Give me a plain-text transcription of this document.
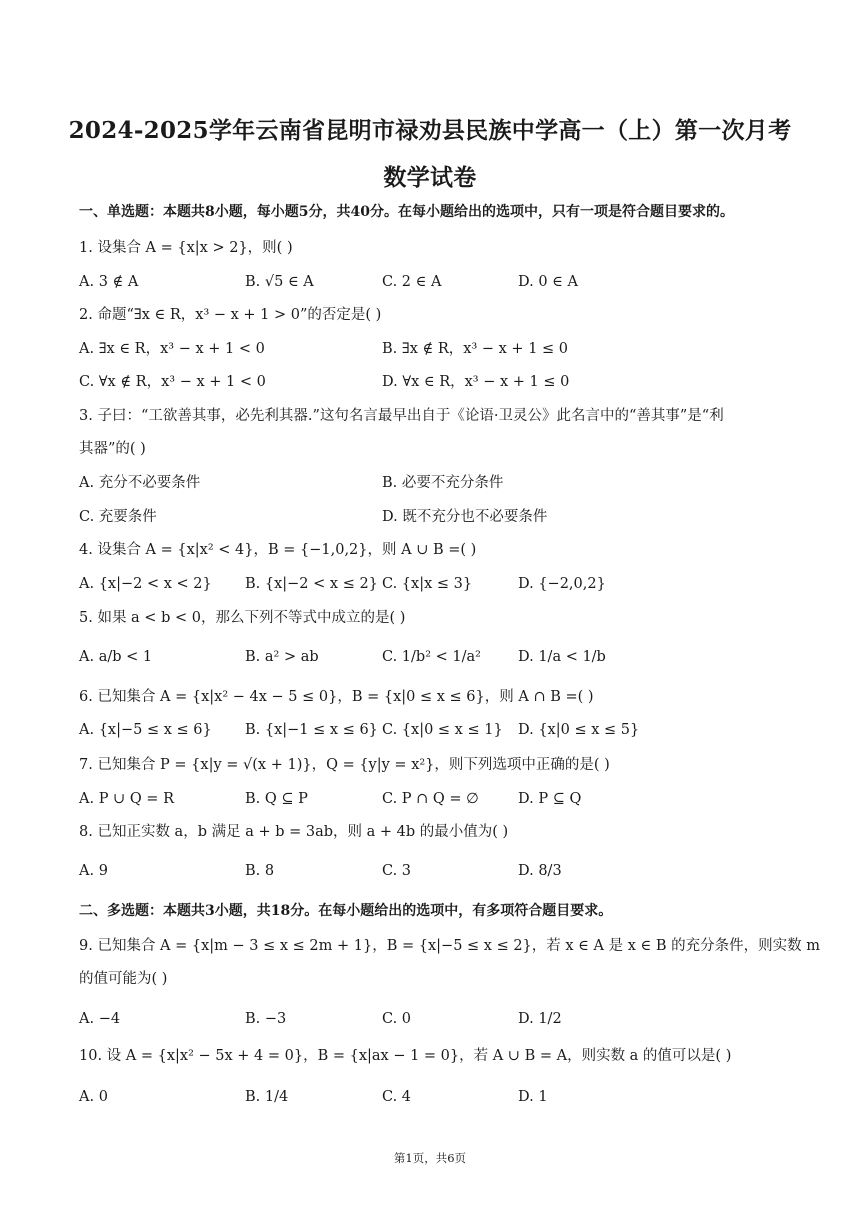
2024-2025学年云南省昆明市禄劝县民族中学高一（上）第一次月考
数学试卷
一、单选题：本题共8小题，每小题5分，共40分。在每小题给出的选项中，只有一项是符合题目要求的。
1. 设集合 A = {x|x > 2}，则( )
A. 3 ∉ A	B. √5 ∈ A	C. 2 ∈ A	D. 0 ∈ A
2. 命题“∃x ∈ R，x³ − x + 1 > 0”的否定是( )
A. ∃x ∈ R，x³ − x + 1 < 0	B. ∃x ∉ R，x³ − x + 1 ≤ 0
C. ∀x ∉ R，x³ − x + 1 < 0	D. ∀x ∈ R，x³ − x + 1 ≤ 0
3. 子曰：“工欲善其事，必先利其器.”这句名言最早出自于《论语·卫灵公》此名言中的“善其事”是“利
其器”的( )
A. 充分不必要条件	B. 必要不充分条件
C. 充要条件	D. 既不充分也不必要条件
4. 设集合 A = {x|x² < 4}，B = {−1,0,2}，则 A ∪ B =( )
A. {x|−2 < x < 2} B. {x|−2 < x ≤ 2} C. {x|x ≤ 3}	D. {−2,0,2}
5. 如果 a < b < 0，那么下列不等式中成立的是( )
A. a/b < 1	B. a² > ab	C. 1/b² < 1/a²	D. 1/a < 1/b
6. 已知集合 A = {x|x² − 4x − 5 ≤ 0}，B = {x|0 ≤ x ≤ 6}，则 A ∩ B =( )
A. {x|−5 ≤ x ≤ 6} B. {x|−1 ≤ x ≤ 6} C. {x|0 ≤ x ≤ 1} D. {x|0 ≤ x ≤ 5}
7. 已知集合 P = {x|y = √(x + 1)}，Q = {y|y = x²}，则下列选项中正确的是( )
A. P ∪ Q = R	B. Q ⊆ P	C. P ∩ Q = ∅	D. P ⊆ Q
8. 已知正实数 a，b 满足 a + b = 3ab，则 a + 4b 的最小值为( )
A. 9	B. 8	C. 3	D. 8/3
二、多选题：本题共3小题，共18分。在每小题给出的选项中，有多项符合题目要求。
9. 已知集合 A = {x|m − 3 ≤ x ≤ 2m + 1}，B = {x|−5 ≤ x ≤ 2}，若 x ∈ A 是 x ∈ B 的充分条件，则实数 m
的值可能为( )
A. −4	B. −3	C. 0	D. 1/2
10. 设 A = {x|x² − 5x + 4 = 0}，B = {x|ax − 1 = 0}，若 A ∪ B = A，则实数 a 的值可以是( )
A. 0	B. 1/4	C. 4	D. 1
第1页，共6页
